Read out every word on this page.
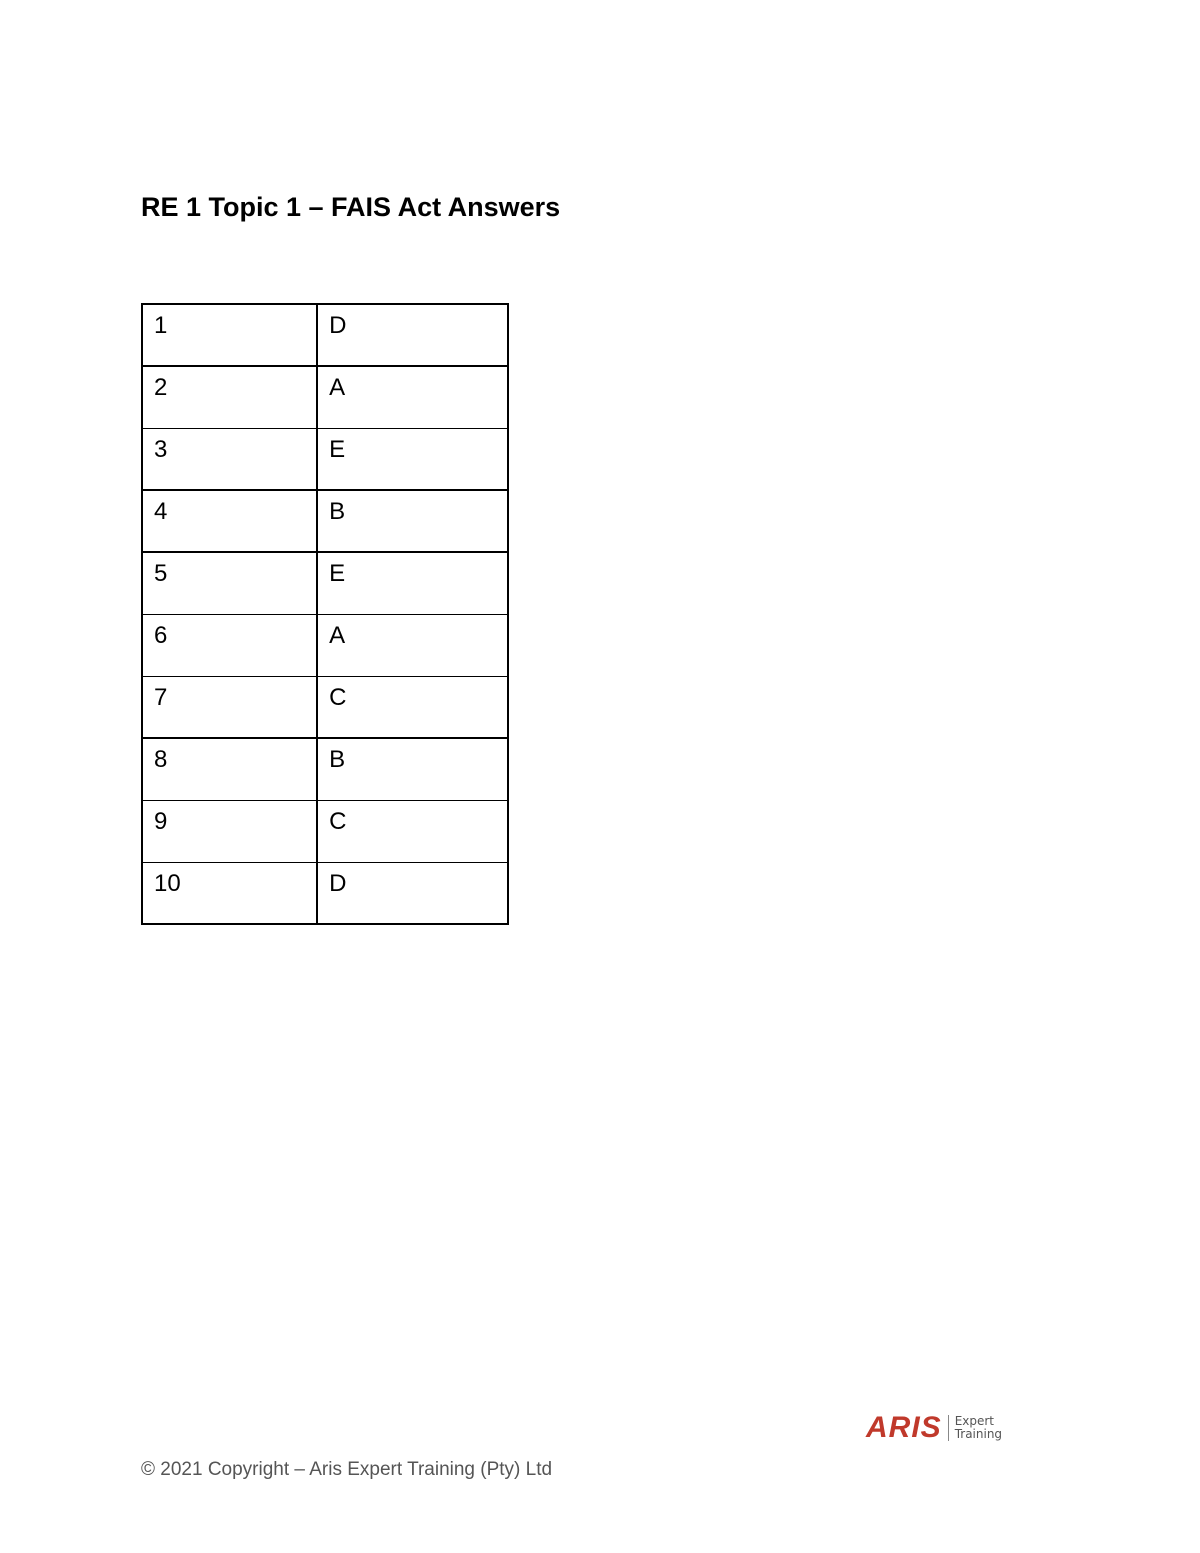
RE 1 Topic 1 – FAIS Act Answers
1	D
2	A
3	E
4	B
5	E
6	A
7	C
8	B
9	C
10	D
ARIS Expert
Training
© 2021 Copyright – Aris Expert Training (Pty) Ltd
